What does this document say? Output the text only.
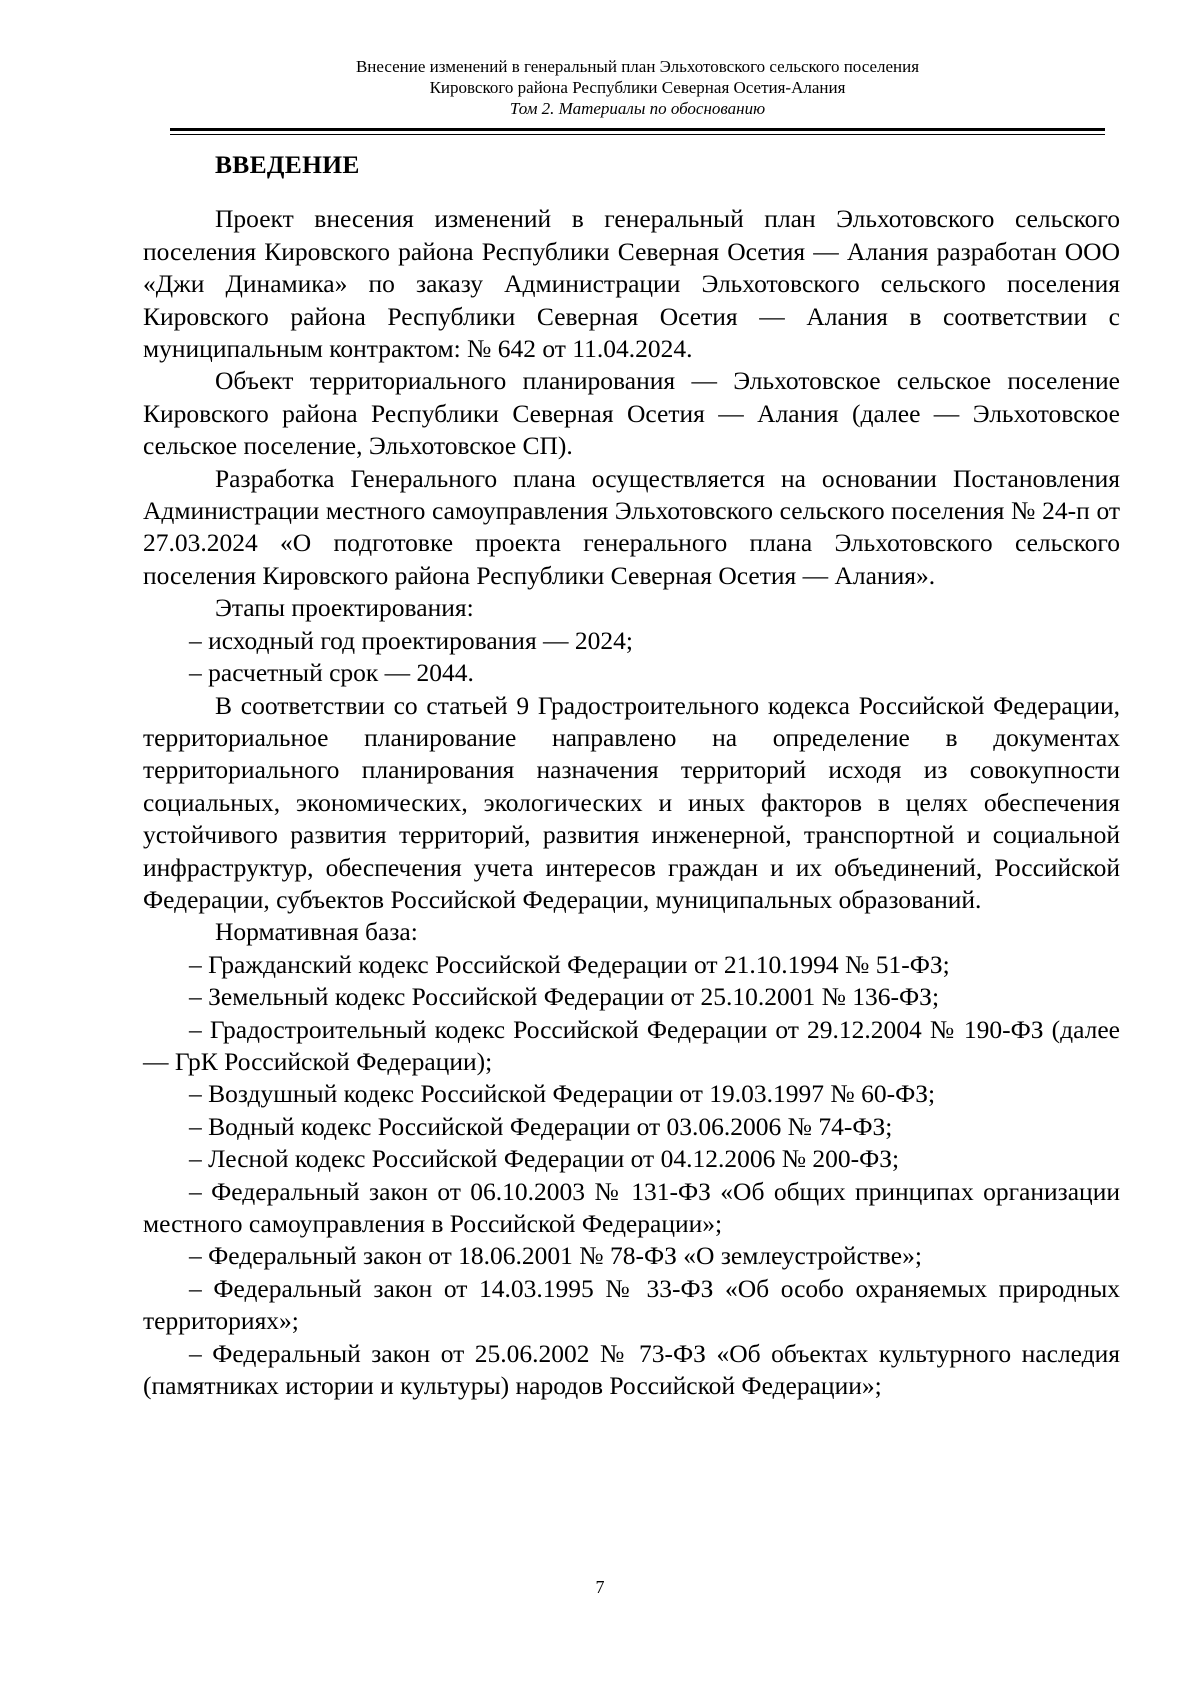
Внесение изменений в генеральный план Эльхотовского сельского поселения
Кировского района Республики Северная Осетия-Алания
Том 2. Материалы по обоснованию
ВВЕДЕНИЕ

Проект внесения изменений в генеральный план Эльхотовского сельского поселения Кировского района Республики Северная Осетия — Алания разработан ООО «Джи Динамика» по заказу Администрации Эльхотовского сельского поселения Кировского района Республики Северная Осетия — Алания в соответствии с муниципальным контрактом: № 642 от 11.04.2024.

Объект территориального планирования — Эльхотовское сельское поселение Кировского района Республики Северная Осетия — Алания (далее — Эльхотовское сельское поселение, Эльхотовское СП).

Разработка Генерального плана осуществляется на основании Постановления Администрации местного самоуправления Эльхотовского сельского поселения № 24-п от 27.03.2024 «О подготовке проекта генерального плана Эльхотовского сельского поселения Кировского района Республики Северная Осетия — Алания».

Этапы проектирования:

– исходный год проектирования — 2024;

– расчетный срок — 2044.

В соответствии со статьей 9 Градостроительного кодекса Российской Федерации, территориальное планирование направлено на определение в документах территориального планирования назначения территорий исходя из совокупности социальных, экономических, экологических и иных факторов в целях обеспечения устойчивого развития территорий, развития инженерной, транспортной и социальной инфраструктур, обеспечения учета интересов граждан и их объединений, Российской Федерации, субъектов Российской Федерации, муниципальных образований.

Нормативная база:

– Гражданский кодекс Российской Федерации от 21.10.1994 № 51-ФЗ;

– Земельный кодекс Российской Федерации от 25.10.2001 № 136-ФЗ;

– Градостроительный кодекс Российской Федерации от 29.12.2004 № 190-ФЗ (далее — ГрК Российской Федерации);

– Воздушный кодекс Российской Федерации от 19.03.1997 № 60-ФЗ;

– Водный кодекс Российской Федерации от 03.06.2006 № 74-ФЗ;

– Лесной кодекс Российской Федерации от 04.12.2006 № 200-ФЗ;

– Федеральный закон от 06.10.2003 № 131-ФЗ «Об общих принципах организации местного самоуправления в Российской Федерации»;

– Федеральный закон от 18.06.2001 № 78-ФЗ «О землеустройстве»;

– Федеральный закон от 14.03.1995 № 33-ФЗ «Об особо охраняемых природных территориях»;

– Федеральный закон от 25.06.2002 № 73-ФЗ «Об объектах культурного наследия (памятниках истории и культуры) народов Российской Федерации»;

7
